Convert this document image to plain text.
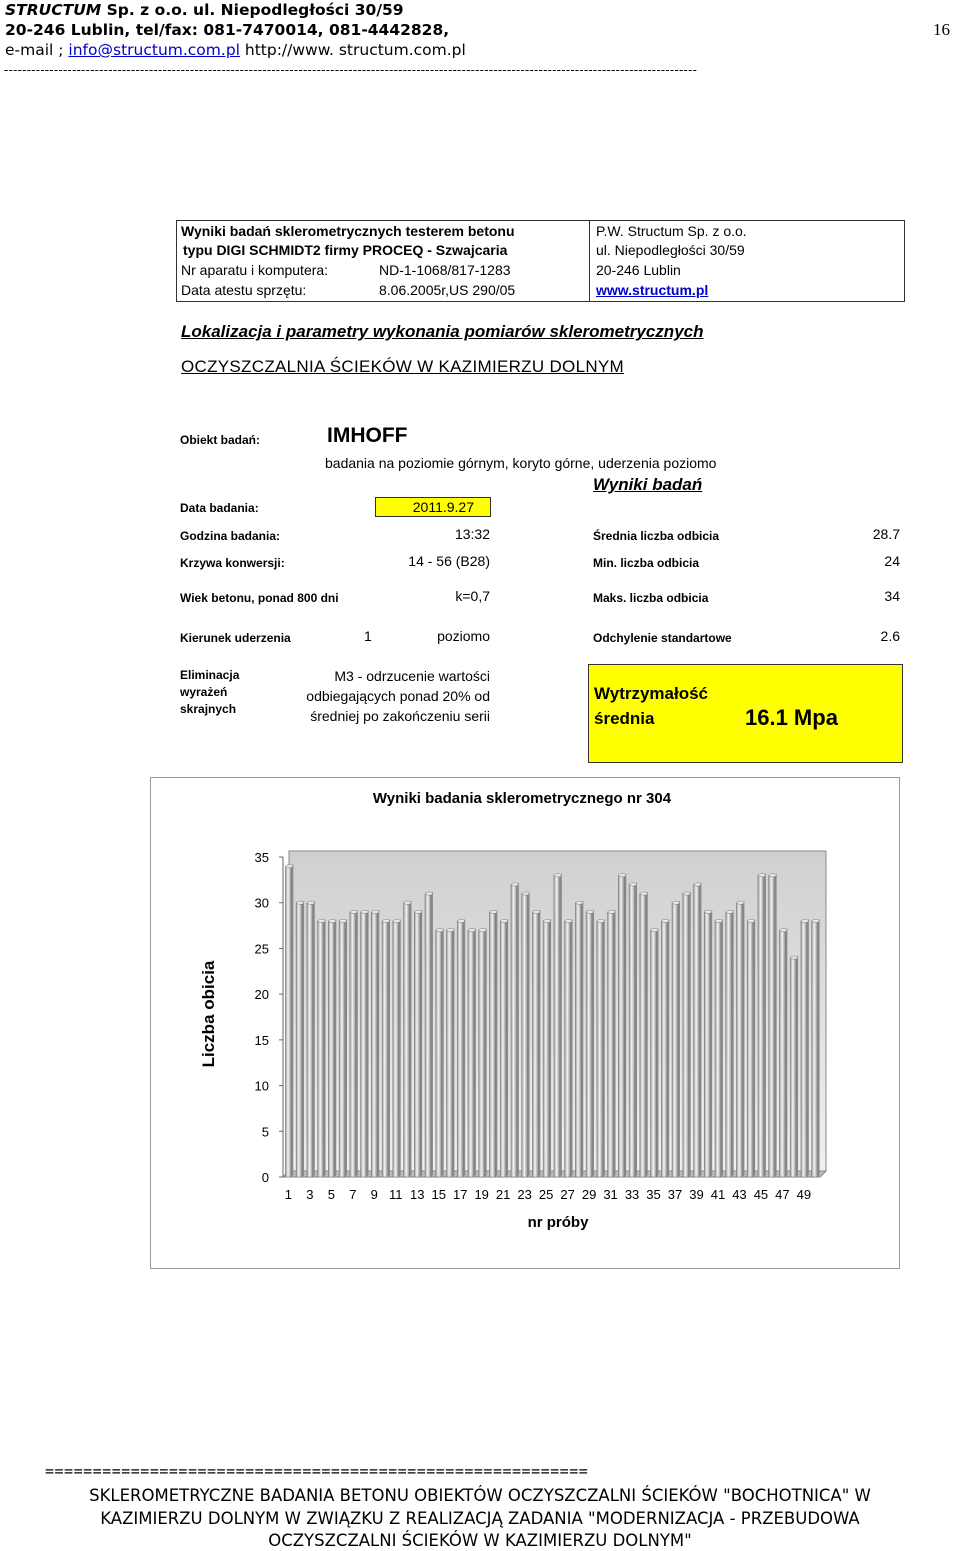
STRUCTUM Sp. z o.o. ul. Niepodległości 30/59
20-246 Lublin, tel/fax: 081-7470014, 081-4442828,
e-mail ; info@structum.com.pl http://www. structum.com.pl
16
---------------------------------------------------------------------------------------------------------------------------------------------------------
Wyniki badań sklerometrycznych testerem betonu
typu DIGI SCHMIDT2 firmy PROCEQ - Szwajcaria
Nr aparatu i komputera:	ND-1-1068/817-1283
Data atestu sprzętu:	8.06.2005r,US 290/05
P.W. Structum Sp. z o.o.
ul. Niepodległości 30/59
20-246 Lublin
www.structum.pl
Lokalizacja i parametry wykonania pomiarów sklerometrycznych
OCZYSZCZALNIA ŚCIEKÓW W KAZIMIERZU DOLNYM
Obiekt badań:	IMHOFF
badania na poziomie górnym, koryto górne, uderzenia poziomo
Wyniki badań
Data badania:	2011.9.27
Godzina badania:	13:32	Średnia liczba odbicia	28.7
Krzywa konwersji:	14 - 56 (B28)	Min. liczba odbicia	24
Wiek betonu, ponad 800 dni	k=0,7	Maks. liczba odbicia	34
Kierunek uderzenia	1	poziomo	Odchylenie standartowe	2.6
Eliminacja
wyrażeń
skrajnych
M3 - odrzucenie wartości
odbiegających ponad 20% od
średniej po zakończeniu serii
Wytrzymałość
średnia	16.1 Mpa
Wyniki badania sklerometrycznego nr 304
Liczba obicia
nr próby
0
5
10
15
20
25
30
35
1 3 5 7 9 11 13 15 17 19 21 23 25 27 29 31 33 35 37 39 41 43 45 47 49
=========================================================
SKLEROMETRYCZNE BADANIA BETONU OBIEKTÓW OCZYSZCZALNI ŚCIEKÓW "BOCHOTNICA" W
KAZIMIERZU DOLNYM W ZWIĄZKU Z REALIZACJĄ ZADANIA "MODERNIZACJA - PRZEBUDOWA
OCZYSZCZALNI ŚCIEKÓW W KAZIMIERZU DOLNYM"
